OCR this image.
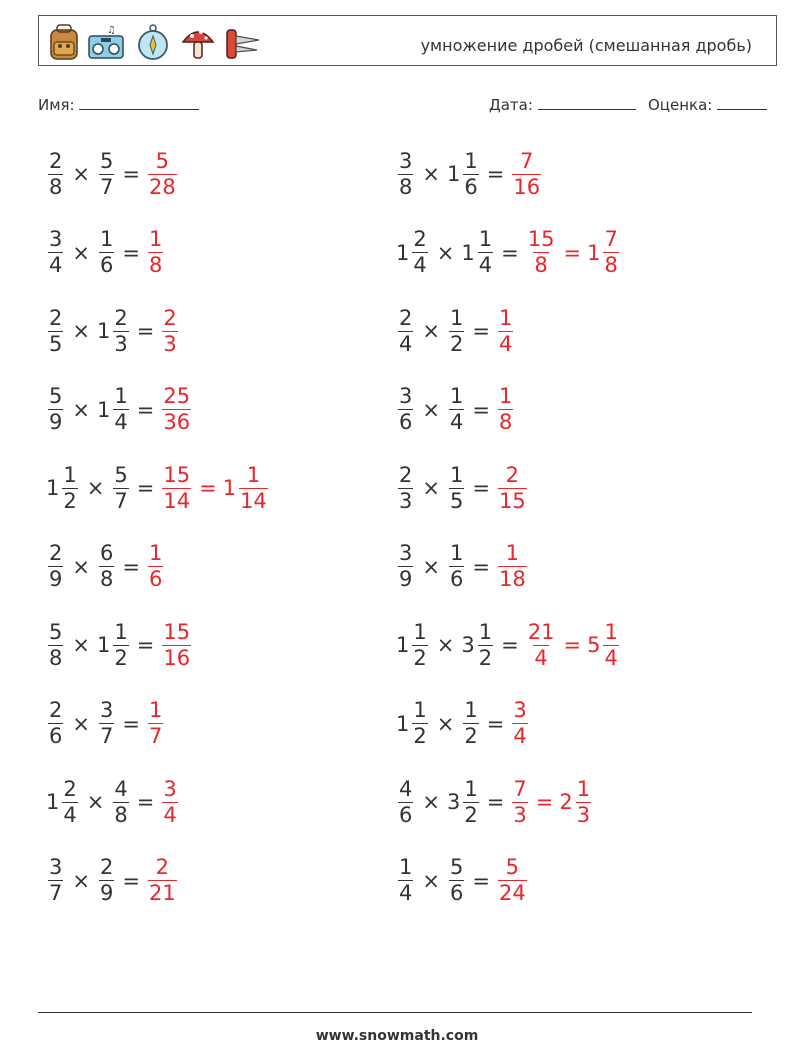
♫
умножение дробей (смешанная дробь)
Имя:	Дата:	Оценка:
$\frac{2}{8} \times \frac{5}{7} = \frac{5}{28}$	$\frac{3}{8} \times 1 \frac{1}{6} = \frac{7}{16}$
$\frac{3}{4} \times \frac{1}{6} = \frac{1}{8}$	$1 \frac{2}{4} \times 1 \frac{1}{4} = \frac{15}{8} = 1 \frac{7}{8}$
$\frac{2}{5} \times 1 \frac{2}{3} = \frac{2}{3}$	$\frac{2}{4} \times \frac{1}{2} = \frac{1}{4}$
$\frac{5}{9} \times 1 \frac{1}{4} = \frac{25}{36}$	$\frac{3}{6} \times \frac{1}{4} = \frac{1}{8}$
$1 \frac{1}{2} \times \frac{5}{7} = \frac{15}{14} = 1 \frac{1}{14}$	$\frac{2}{3} \times \frac{1}{5} = \frac{2}{15}$
$\frac{2}{9} \times \frac{6}{8} = \frac{1}{6}$	$\frac{3}{9} \times \frac{1}{6} = \frac{1}{18}$
$\frac{5}{8} \times 1 \frac{1}{2} = \frac{15}{16}$	$1 \frac{1}{2} \times 3 \frac{1}{2} = \frac{21}{4} = 5 \frac{1}{4}$
$\frac{2}{6} \times \frac{3}{7} = \frac{1}{7}$	$1 \frac{1}{2} \times \frac{1}{2} = \frac{3}{4}$
$1 \frac{2}{4} \times \frac{4}{8} = \frac{3}{4}$	$\frac{4}{6} \times 3 \frac{1}{2} = \frac{7}{3} = 2 \frac{1}{3}$
$\frac{3}{7} \times \frac{2}{9} = \frac{2}{21}$	$\frac{1}{4} \times \frac{5}{6} = \frac{5}{24}$
www.snowmath.com
